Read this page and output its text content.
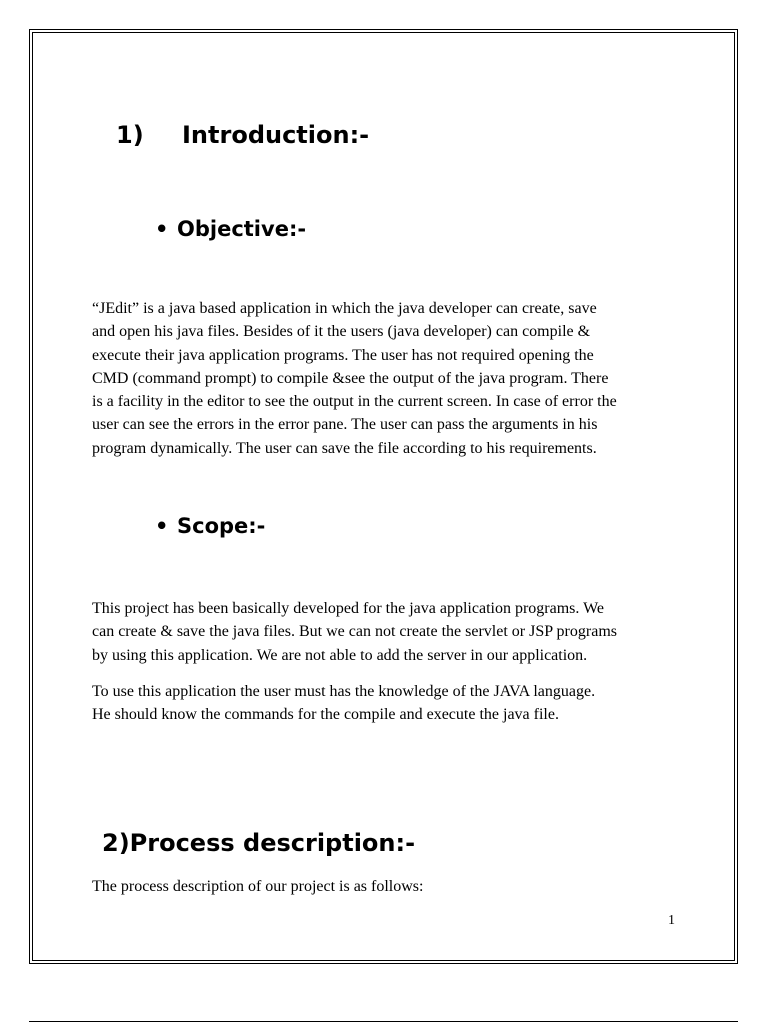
1) Introduction:-
• Objective:-

“JEdit” is a java based application in which the java developer can create, save
and open his java files. Besides of it the users (java developer) can compile &
execute their java application programs. The user has not required opening the
CMD (command prompt) to compile &see the output of the java program. There
is a facility in the editor to see the output in the current screen. In case of error the
user can see the errors in the error pane. The user can pass the arguments in his
program dynamically. The user can save the file according to his requirements.

• Scope:-

This project has been basically developed for the java application programs. We
can create & save the java files. But we can not create the servlet or JSP programs
by using this application. We are not able to add the server in our application.

To use this application the user must has the knowledge of the JAVA language.
He should know the commands for the compile and execute the java file.

2)Process description:-

The process description of our project is as follows:

1
